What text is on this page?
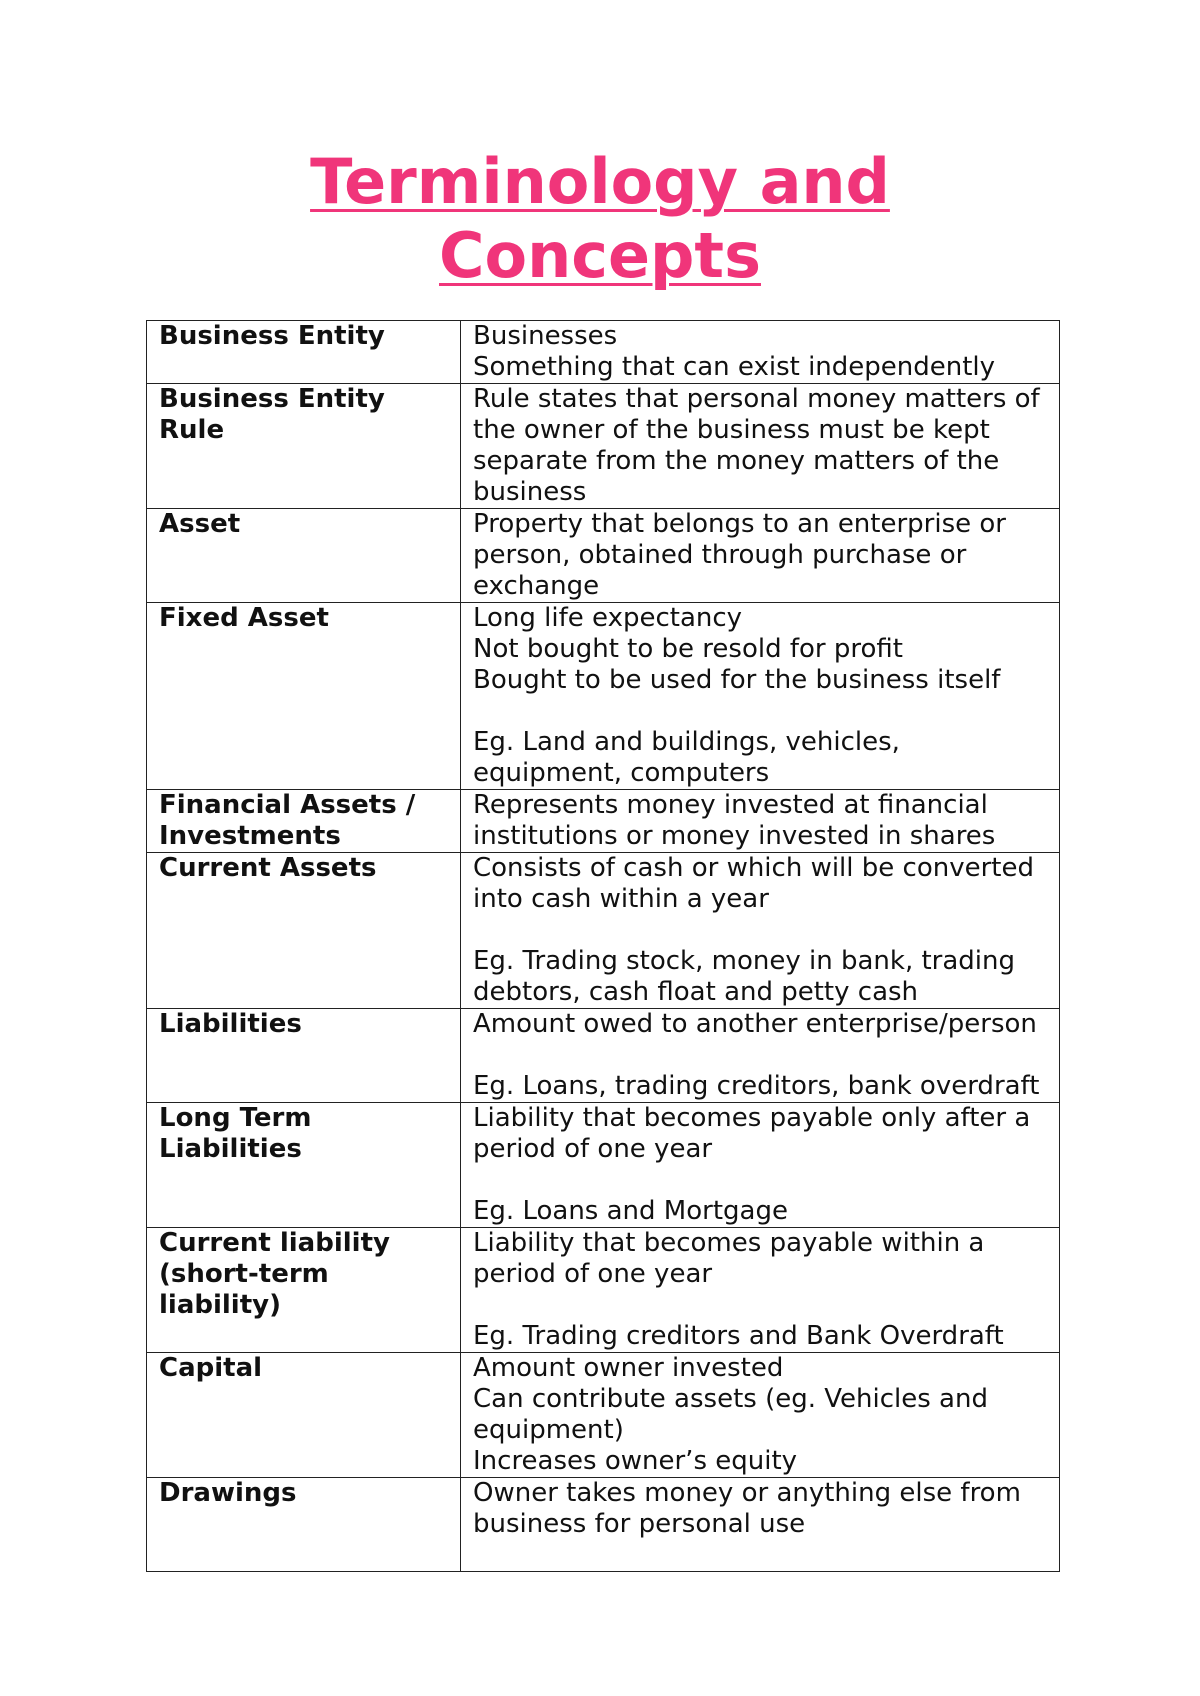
Terminology and
Concepts
Business Entity	Businesses
Something that can exist independently

Business Entity
Rule	Rule states that personal money matters of
the owner of the business must be kept
separate from the money matters of the
business

Asset	Property that belongs to an enterprise or
person, obtained through purchase or
exchange

Fixed Asset	Long life expectancy
Not bought to be resold for profit
Bought to be used for the business itself
Eg. Land and buildings, vehicles,
equipment, computers

Financial Assets /
Investments	Represents money invested at financial
institutions or money invested in shares

Current Assets	Consists of cash or which will be converted
into cash within a year
Eg. Trading stock, money in bank, trading
debtors, cash float and petty cash

Liabilities	Amount owed to another enterprise/person
Eg. Loans, trading creditors, bank overdraft

Long Term
Liabilities	Liability that becomes payable only after a
period of one year
Eg. Loans and Mortgage

Current liability
(short-term
liability)	Liability that becomes payable within a
period of one year
Eg. Trading creditors and Bank Overdraft

Capital	Amount owner invested
Can contribute assets (eg. Vehicles and
equipment)
Increases owner’s equity

Drawings	Owner takes money or anything else from
business for personal use
